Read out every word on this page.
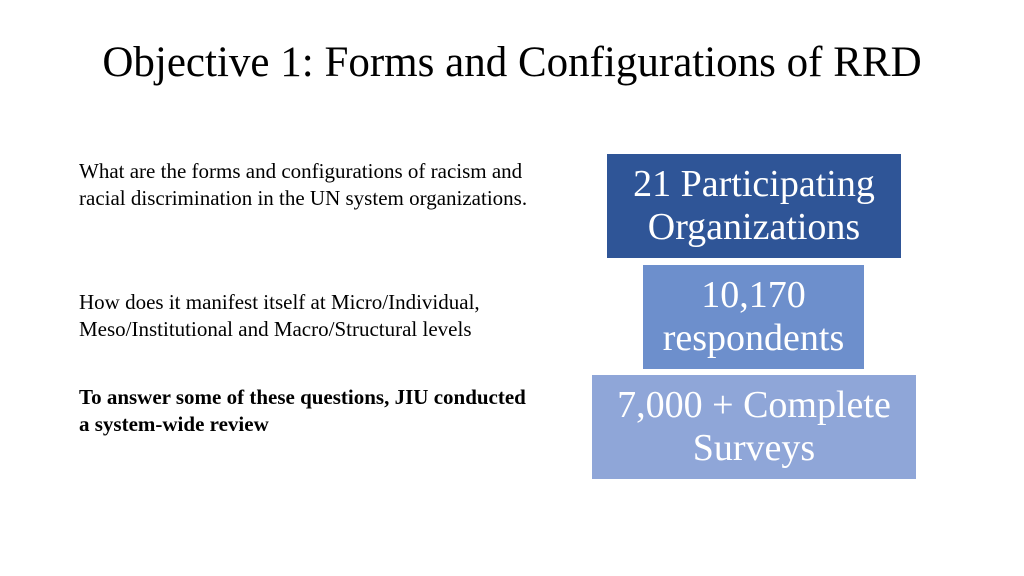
Objective 1: Forms and Configurations of RRD
What are the forms and configurations of racism and racial discrimination in the UN system organizations.
How does it manifest itself at Micro/Individual, Meso/Institutional and Macro/Structural levels
To answer some of these questions, JIU conducted a system-wide review
21 Participating Organizations
10,170 respondents
7,000 + Complete Surveys
